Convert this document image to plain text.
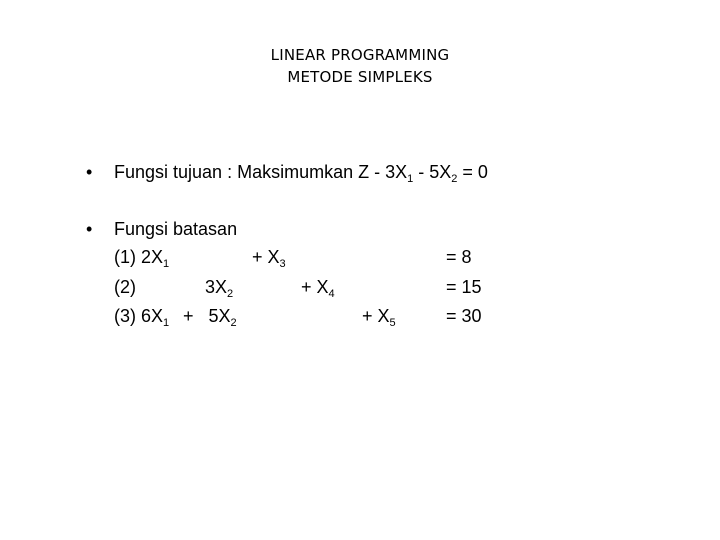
LINEAR PROGRAMMING
METODE SIMPLEKS
• Fungsi tujuan : Maksimumkan $Z - 3X_1 - 5X_2 = 0$
• Fungsi batasan
(1) $2X_1$	+ $X_3$	= 8
(2)	$3X_2$	+ $X_4$	= 15
(3) $6X_1 + 5X_2$	+ $X_5$	= 30
